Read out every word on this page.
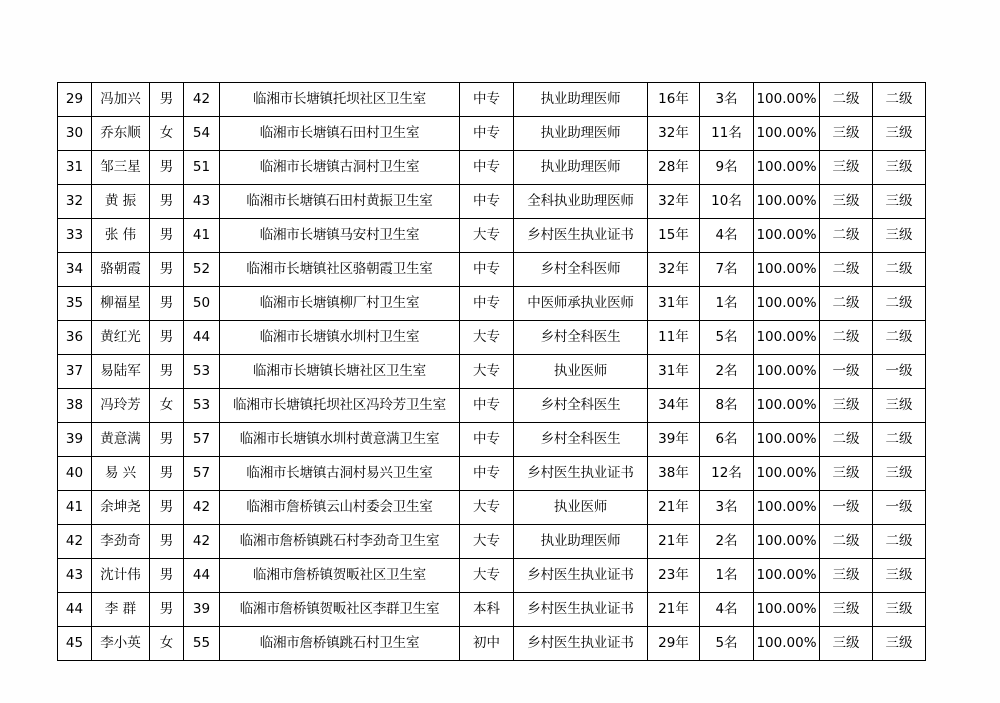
29	冯加兴	男	42	临湘市长塘镇托坝社区卫生室	中专	执业助理医师	16年	3名	100.00%	二级	二级
30	乔东顺	女	54	临湘市长塘镇石田村卫生室	中专	执业助理医师	32年	11名	100.00%	三级	三级
31	邹三星	男	51	临湘市长塘镇古洞村卫生室	中专	执业助理医师	28年	9名	100.00%	三级	三级
32	黄 振	男	43	临湘市长塘镇石田村黄振卫生室	中专	全科执业助理医师	32年	10名	100.00%	三级	三级
33	张 伟	男	41	临湘市长塘镇马安村卫生室	大专	乡村医生执业证书	15年	4名	100.00%	二级	三级
34	骆朝霞	男	52	临湘市长塘镇社区骆朝霞卫生室	中专	乡村全科医师	32年	7名	100.00%	二级	二级
35	柳福星	男	50	临湘市长塘镇柳厂村卫生室	中专	中医师承执业医师	31年	1名	100.00%	二级	二级
36	黄红光	男	44	临湘市长塘镇水圳村卫生室	大专	乡村全科医生	11年	5名	100.00%	二级	二级
37	易陆军	男	53	临湘市长塘镇长塘社区卫生室	大专	执业医师	31年	2名	100.00%	一级	一级
38	冯玲芳	女	53	临湘市长塘镇托坝社区冯玲芳卫生室	中专	乡村全科医生	34年	8名	100.00%	三级	三级
39	黄意满	男	57	临湘市长塘镇水圳村黄意满卫生室	中专	乡村全科医生	39年	6名	100.00%	二级	二级
40	易 兴	男	57	临湘市长塘镇古洞村易兴卫生室	中专	乡村医生执业证书	38年	12名	100.00%	三级	三级
41	余坤尧	男	42	临湘市詹桥镇云山村委会卫生室	大专	执业医师	21年	3名	100.00%	一级	一级
42	李劲奇	男	42	临湘市詹桥镇跳石村李劲奇卫生室	大专	执业助理医师	21年	2名	100.00%	二级	二级
43	沈计伟	男	44	临湘市詹桥镇贺畈社区卫生室	大专	乡村医生执业证书	23年	1名	100.00%	三级	三级
44	李 群	男	39	临湘市詹桥镇贺畈社区李群卫生室	本科	乡村医生执业证书	21年	4名	100.00%	三级	三级
45	李小英	女	55	临湘市詹桥镇跳石村卫生室	初中	乡村医生执业证书	29年	5名	100.00%	三级	三级
